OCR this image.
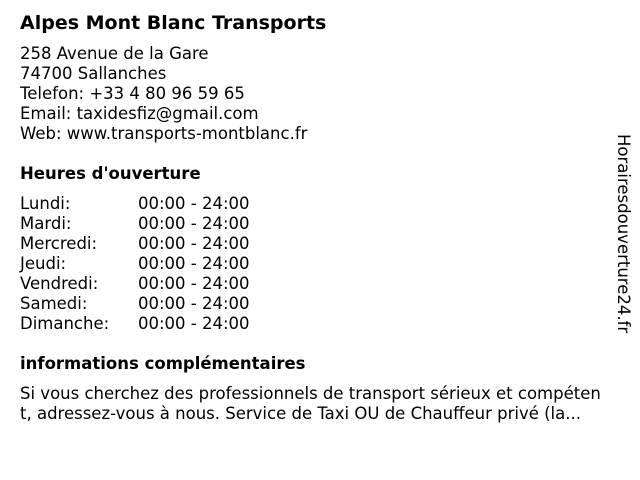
Alpes Mont Blanc Transports
258 Avenue de la Gare
74700 Sallanches
Telefon: +33 4 80 96 59 65
Email: taxidesfiz@gmail.com
Web: www.transports-montblanc.fr
Heures d'ouverture
Lundi:	00:00 - 24:00
Mardi:	00:00 - 24:00
Mercredi: 00:00 - 24:00
Jeudi:	00:00 - 24:00
Vendredi: 00:00 - 24:00
Samedi:	00:00 - 24:00
Dimanche: 00:00 - 24:00
informations complémentaires
Si vous cherchez des professionnels de transport sérieux et compéten
t, adressez-vous à nous. Service de Taxi OU de Chauffeur privé (la...
Horairesdouverture24.fr
